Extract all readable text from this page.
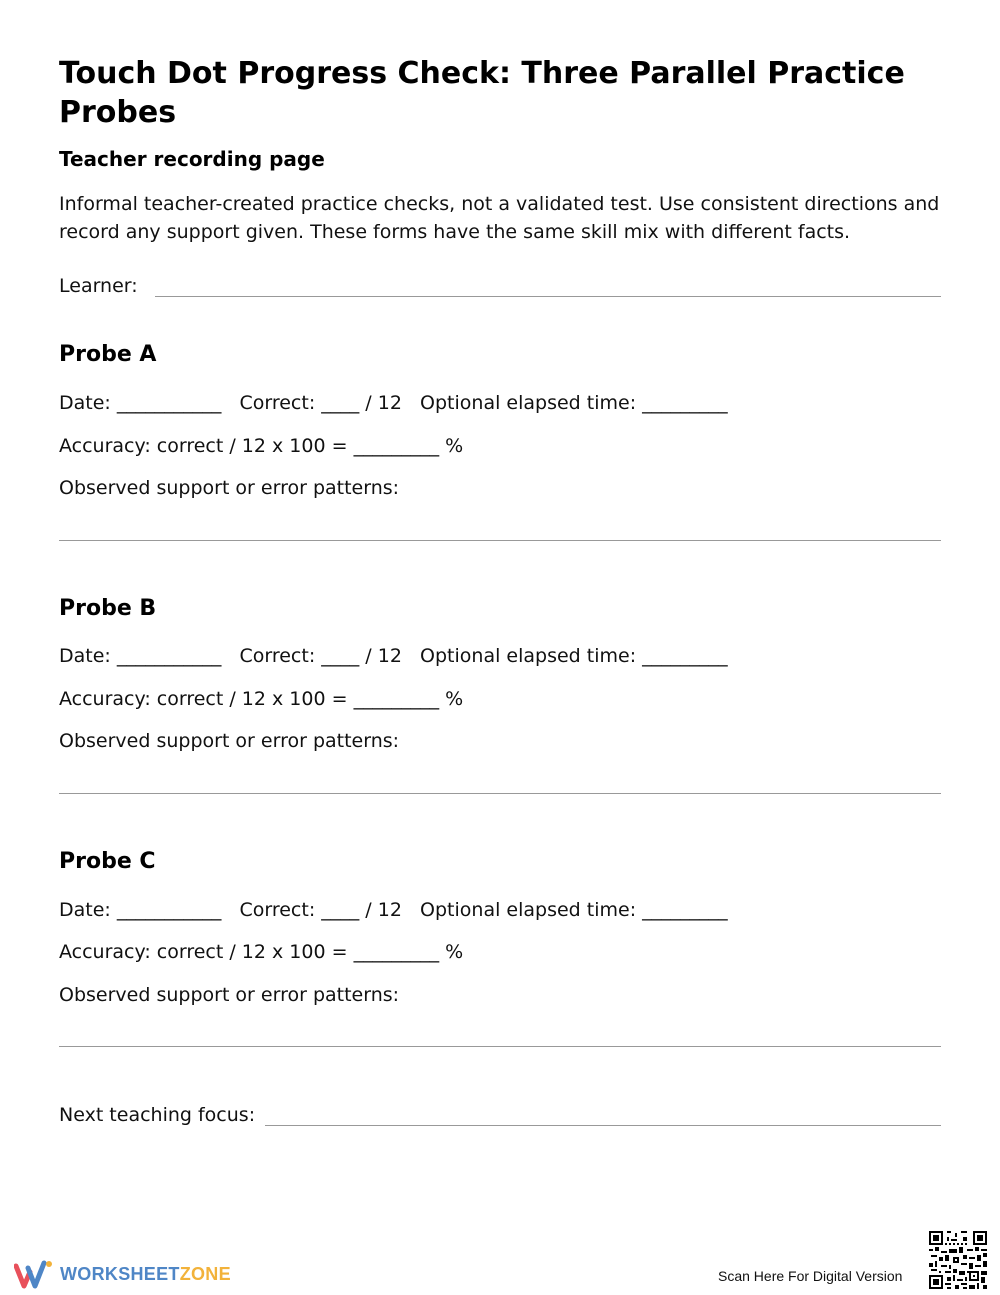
Touch Dot Progress Check: Three Parallel Practice Probes
Teacher recording page

Informal teacher-created practice checks, not a validated test. Use consistent directions and record any support given. These forms have the same skill mix with different facts.

Learner:
Probe A
Date: ___________   Correct: ____ / 12   Optional elapsed time: _________
Accuracy: correct / 12 x 100 = _________ %
Observed support or error patterns:
Probe B
Date: ___________   Correct: ____ / 12   Optional elapsed time: _________
Accuracy: correct / 12 x 100 = _________ %
Observed support or error patterns:
Probe C
Date: ___________   Correct: ____ / 12   Optional elapsed time: _________
Accuracy: correct / 12 x 100 = _________ %
Observed support or error patterns:
Next teaching focus:
WORKSHEETZONE	Scan Here For Digital Version
